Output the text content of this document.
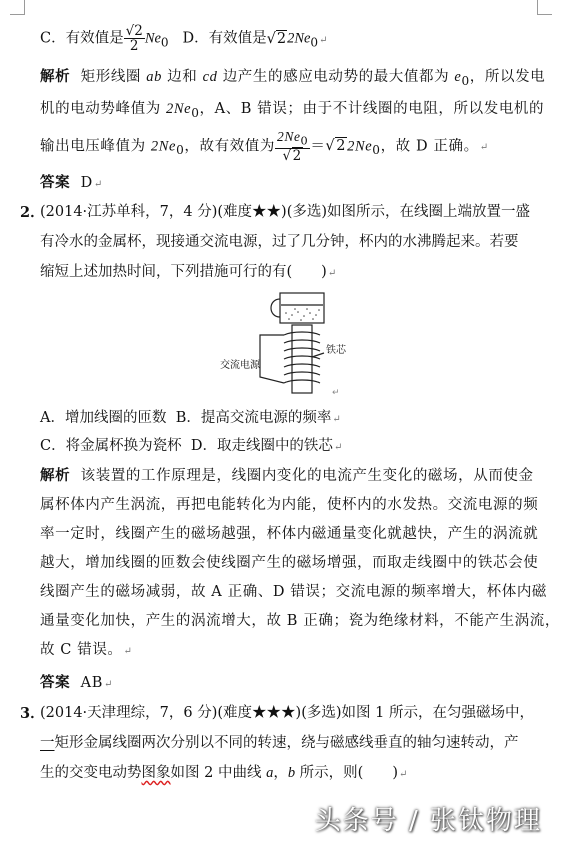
C．有效值是 $\frac{√2}{2} Ne_0$ D．有效值是$√22Ne_0↵$
解析 矩形线圈 ab 边和 cd 边产生的感应电动势的最大值都为 $e_0$，所以发电
机的电动势峰值为 $2Ne_0$，A、B 错误；由于不计线圈的电阻，所以发电机的
输出电压峰值为 $2Ne_0$，故有效值为 $\frac{2Ne_0}{√2} =√22Ne_0$，故 D 正确。↵
答案 D↵
2．
(2014·江苏单科，7，4 分)(难度★★)(多选)如图所示，在线圈上端放置一盛
有冷水的金属杯，现接通交流电源，过了几分钟，杯内的水沸腾起来。若要
缩短上述加热时间，下列措施可行的有(　　)↵
交流电源
铁芯
↵
A．增加线圈的匝数 B．提高交流电源的频率↵
C．将金属杯换为瓷杯 D．取走线圈中的铁芯↵
解析 该装置的工作原理是，线圈内变化的电流产生变化的磁场，从而使金
属杯体内产生涡流，再把电能转化为内能，使杯内的水发热。交流电源的频
率一定时，线圈产生的磁场越强，杯体内磁通量变化就越快，产生的涡流就
越大，增加线圈的匝数会使线圈产生的磁场增强，而取走线圈中的铁芯会使
线圈产生的磁场减弱，故 A 正确、D 错误；交流电源的频率增大，杯体内磁
通量变化加快，产生的涡流增大，故 B 正确；瓷为绝缘材料，不能产生涡流，
故 C 错误。↵
答案 AB↵
3．
(2014·天津理综，7，6 分)(难度★★★)(多选)如图 1 所示，在匀强磁场中，
一矩形金属线圈两次分别以不同的转速，绕与磁感线垂直的轴匀速转动，产
生的交变电动势图象如图 2 中曲线 a，b 所示，则(　　)↵
头条号 / 张钛物理
